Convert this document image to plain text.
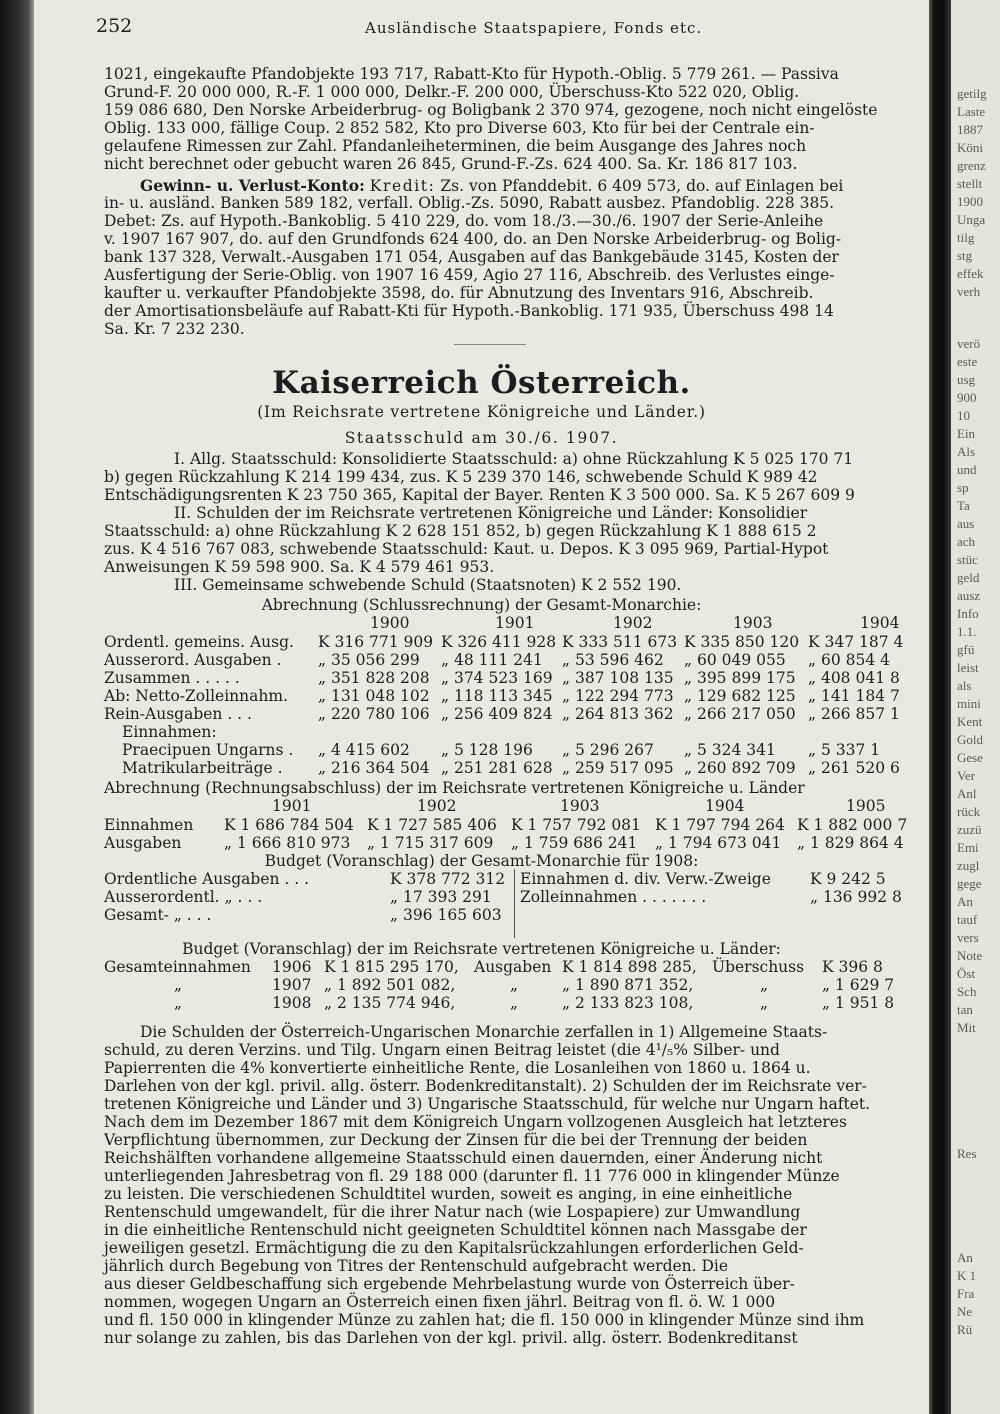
252	Ausländische Staatspapiere, Fonds etc.
1021, eingekaufte Pfandobjekte 193 717, Rabatt-Kto für Hypoth.-Oblig. 5 779 261. — Passiva
Grund-F. 20 000 000, R.-F. 1 000 000, Delkr.-F. 200 000, Überschuss-Kto 522 020, Oblig.
159 086 680, Den Norske Arbeiderbrug- og Boligbank 2 370 974, gezogene, noch nicht eingelöste
Oblig. 133 000, fällige Coup. 2 852 582, Kto pro Diverse 603, Kto für bei der Centrale ein-
gelaufene Rimessen zur Zahl. Pfandanleiheterminen, die beim Ausgange des Jahres noch
nicht berechnet oder gebucht waren 26 845, Grund-F.-Zs. 624 400. Sa. Kr. 186 817 103.
Gewinn- u. Verlust-Konto: Kredit: Zs. von Pfanddebit. 6 409 573, do. auf Einlagen bei
in- u. ausländ. Banken 589 182, verfall. Oblig.-Zs. 5090, Rabatt ausbez. Pfandoblig. 228 385.
Debet: Zs. auf Hypoth.-Bankoblig. 5 410 229, do. vom 18./3.—30./6. 1907 der Serie-Anleihe
v. 1907 167 907, do. auf den Grundfonds 624 400, do. an Den Norske Arbeiderbrug- og Bolig-
bank 137 328, Verwalt.-Ausgaben 171 054, Ausgaben auf das Bankgebäude 3145, Kosten der
Ausfertigung der Serie-Oblig. von 1907 16 459, Agio 27 116, Abschreib. des Verlustes einge-
kaufter u. verkaufter Pfandobjekte 3598, do. für Abnutzung des Inventars 916, Abschreib.
der Amortisationsbeläufe auf Rabatt-Kti für Hypoth.-Bankoblig. 171 935, Überschuss 498 14
Sa. Kr. 7 232 230.
Kaiserreich Österreich.
(Im Reichsrate vertretene Königreiche und Länder.)
Staatsschuld am 30./6. 1907.
I. Allg. Staatsschuld: Konsolidierte Staatsschuld: a) ohne Rückzahlung K 5 025 170 71
b) gegen Rückzahlung K 214 199 434, zus. K 5 239 370 146, schwebende Schuld K 989 42
Entschädigungsrenten K 23 750 365, Kapital der Bayer. Renten K 3 500 000. Sa. K 5 267 609 9
II. Schulden der im Reichsrate vertretenen Königreiche und Länder: Konsolidier
Staatsschuld: a) ohne Rückzahlung K 2 628 151 852, b) gegen Rückzahlung K 1 888 615 2
zus. K 4 516 767 083, schwebende Staatsschuld: Kaut. u. Depos. K 3 095 969, Partial-Hypot
Anweisungen K 59 598 900. Sa. K 4 579 461 953.
III. Gemeinsame schwebende Schuld (Staatsnoten) K 2 552 190.
Abrechnung (Schlussrechnung) der Gesamt-Monarchie:
1900	1901	1902	1903	1904
Ordentl. gemeins. Ausg. K 316 771 909 K 326 411 928 K 333 511 673 K 335 850 120 K 347 187 4
Ausserord. Ausgaben . „ 35 056 299 „ 48 111 241 „ 53 596 462 „ 60 049 055 „ 60 854 4
Zusammen . . . . .	„ 351 828 208 „ 374 523 169 „ 387 108 135 „ 395 899 175 „ 408 041 8
Ab: Netto-Zolleinnahm. „ 131 048 102 „ 118 113 345 „ 122 294 773 „ 129 682 125 „ 141 184 7
Rein-Ausgaben . . .	„ 220 780 106 „ 256 409 824 „ 264 813 362 „ 266 217 050 „ 266 857 1
Einnahmen:
Praecipuen Ungarns . „ 4 415 602 „ 5 128 196 „ 5 296 267 „ 5 324 341 „ 5 337 1
Matrikularbeiträge . „ 216 364 504 „ 251 281 628 „ 259 517 095 „ 260 892 709 „ 261 520 6
Abrechnung (Rechnungsabschluss) der im Reichsrate vertretenen Königreiche u. Länder
1901	1902	1903	1904	1905
Einnahmen K 1 686 784 504 K 1 727 585 406 K 1 757 792 081 K 1 797 794 264 K 1 882 000 7
Ausgaben	„ 1 666 810 973 „ 1 715 317 609 „ 1 759 686 241 „ 1 794 673 041 „ 1 829 864 4
Budget (Voranschlag) der Gesamt-Monarchie für 1908:
Ordentliche Ausgaben . . .	K 378 772 312
Ausserordentl. „ . . .	„ 17 393 291
Gesamt- „ . . .	„ 396 165 603
Einnahmen d. div. Verw.-Zweige	K 9 242 5
Zolleinnahmen . . . . . . .	„ 136 992 8
Budget (Voranschlag) der im Reichsrate vertretenen Königreiche u. Länder:
Gesamteinnahmen 1906 K 1 815 295 170, Ausgaben K 1 814 898 285, Überschuss K 396 8
„	1907 „ 1 892 501 082,	„	„ 1 890 871 352,	„	„ 1 629 7
„	1908 „ 2 135 774 946,	„	„ 2 133 823 108,	„	„ 1 951 8
Die Schulden der Österreich-Ungarischen Monarchie zerfallen in 1) Allgemeine Staats-
schuld, zu deren Verzins. und Tilg. Ungarn einen Beitrag leistet (die 4¹/₅% Silber- und
Papierrenten die 4% konvertierte einheitliche Rente, die Losanleihen von 1860 u. 1864 u.
Darlehen von der kgl. privil. allg. österr. Bodenkreditanstalt). 2) Schulden der im Reichsrate ver-
tretenen Königreiche und Länder und 3) Ungarische Staatsschuld, für welche nur Ungarn haftet.
Nach dem im Dezember 1867 mit dem Königreich Ungarn vollzogenen Ausgleich hat letzteres
Verpflichtung übernommen, zur Deckung der Zinsen für die bei der Trennung der beiden
Reichshälften vorhandene allgemeine Staatsschuld einen dauernden, einer Änderung nicht
unterliegenden Jahresbetrag von fl. 29 188 000 (darunter fl. 11 776 000 in klingender Münze
zu leisten. Die verschiedenen Schuldtitel wurden, soweit es anging, in eine einheitliche
Rentenschuld umgewandelt, für die ihrer Natur nach (wie Lospapiere) zur Umwandlung
in die einheitliche Rentenschuld nicht geeigneten Schuldtitel können nach Massgabe der
jeweiligen gesetzl. Ermächtigung die zu den Kapitalsrückzahlungen erforderlichen Geld-
jährlich durch Begebung von Titres der Rentenschuld aufgebracht werden. Die
aus dieser Geldbeschaffung sich ergebende Mehrbelastung wurde von Österreich über-
nommen, wogegen Ungarn an Österreich einen fixen jährl. Beitrag von fl. ö. W. 1 000
und fl. 150 000 in klingender Münze zu zahlen hat; die fl. 150 000 in klingender Münze sind ihm
nur solange zu zahlen, bis das Darlehen von der kgl. privil. allg. österr. Bodenkreditanst
getilg
Laste
1887
Köni
grenz
stellt
1900
Unga
tilg
stg
effek
verh
verö
este
usg
900
10
Ein
Als
und
sp
Ta
aus
ach
stüc
geld
ausz
Info
1.1.
gfü
leist
als
mini
Kent
Gold
Gese
Ver
Anl
rück
zuzü
Emi
zugl
gege
An
tauf
vers
Note
Öst
Sch
tan
Mit
Res
An
K 1
Fra
Ne
Rü
